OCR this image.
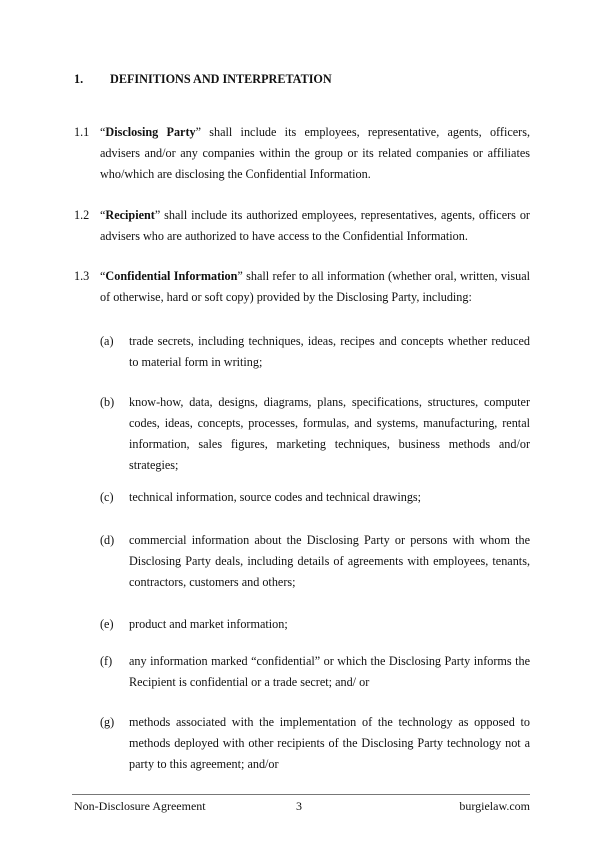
1. DEFINITIONS AND INTERPRETATION
1.1 “Disclosing Party” shall include its employees, representative, agents, officers, advisers and/or any companies within the group or its related companies or affiliates who/which are disclosing the Confidential Information.
1.2 “Recipient” shall include its authorized employees, representatives, agents, officers or advisers who are authorized to have access to the Confidential Information.
1.3 “Confidential Information” shall refer to all information (whether oral, written, visual of otherwise, hard or soft copy) provided by the Disclosing Party, including:
(a) trade secrets, including techniques, ideas, recipes and concepts whether reduced to material form in writing;
(b) know-how, data, designs, diagrams, plans, specifications, structures, computer codes, ideas, concepts, processes, formulas, and systems, manufacturing, rental information, sales figures, marketing techniques, business methods and/or strategies;
(c) technical information, source codes and technical drawings;
(d) commercial information about the Disclosing Party or persons with whom the Disclosing Party deals, including details of agreements with employees, tenants, contractors, customers and others;
(e) product and market information;
(f) any information marked “confidential” or which the Disclosing Party informs the Recipient is confidential or a trade secret; and/ or
(g) methods associated with the implementation of the technology as opposed to methods deployed with other recipients of the Disclosing Party technology not a party to this agreement; and/or
Non-Disclosure Agreement	3	burgielaw.com
